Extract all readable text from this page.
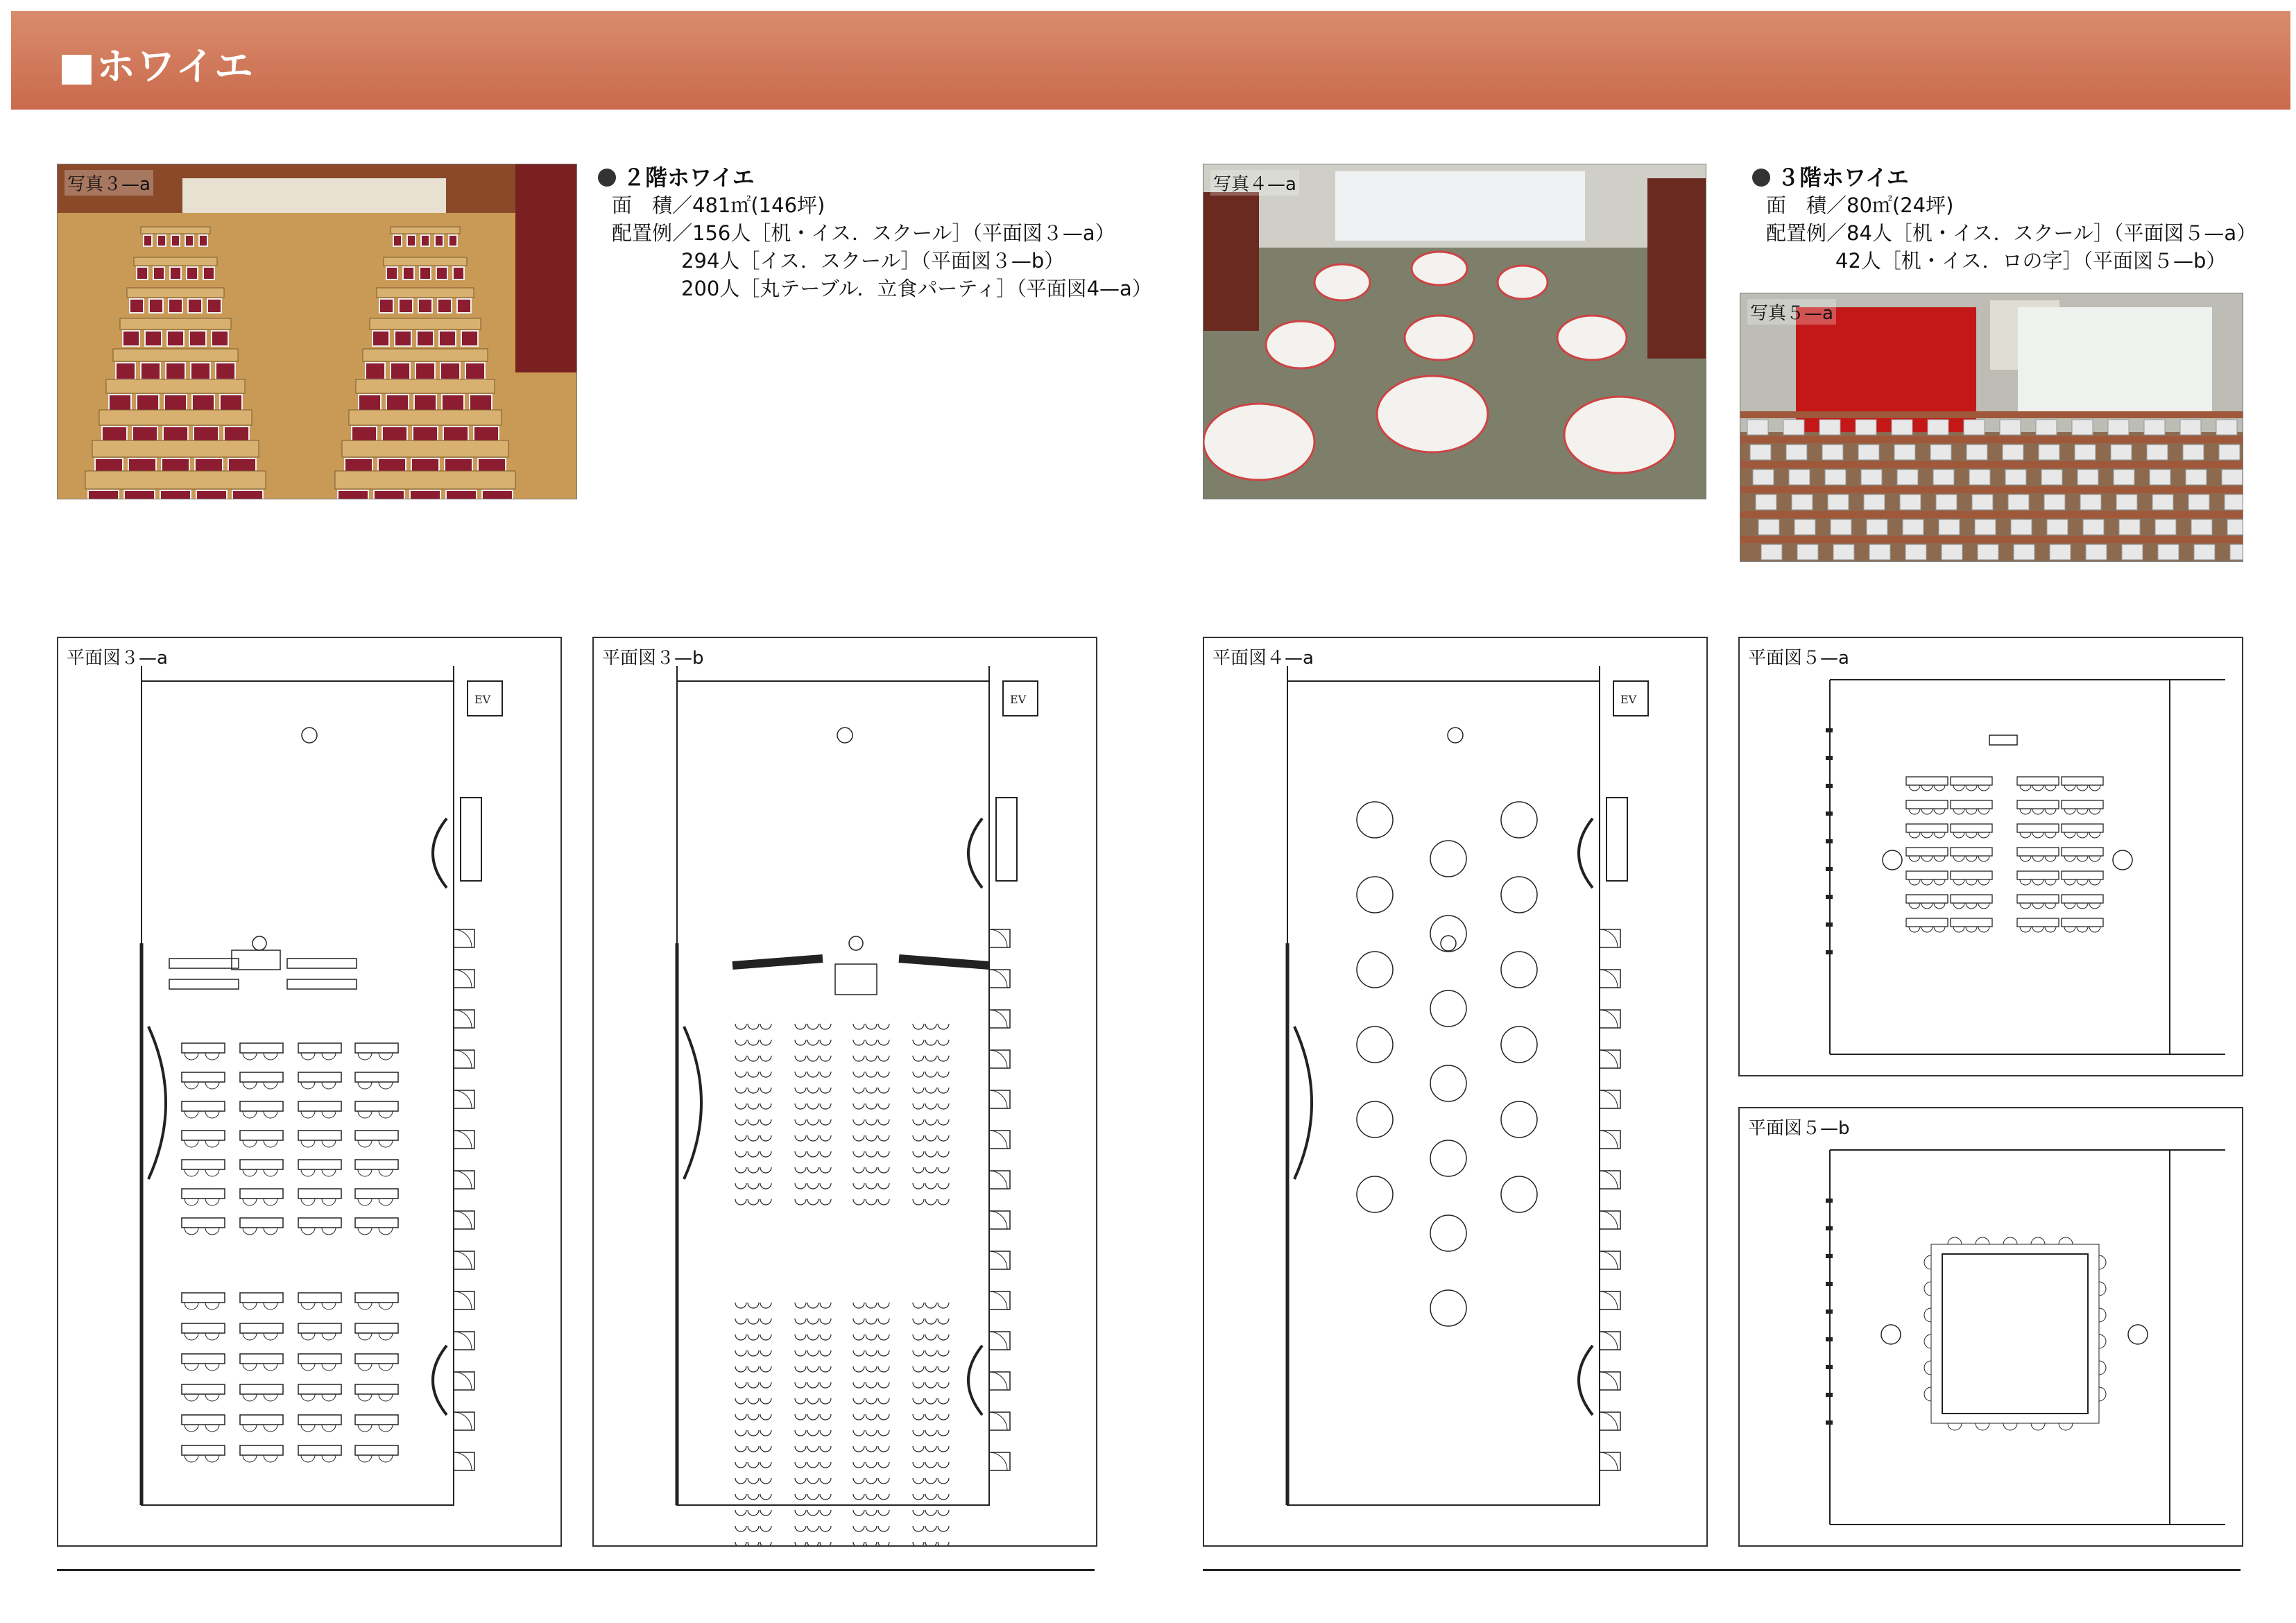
■ホワイエ
写真３—a	２階ホワイエ
面　積／481㎡(146坪)
配置例／156人［机・イス．スクール］（平面図３—a）
294人［イス．スクール］（平面図３—b）
200人［丸テーブル．立食パーティ］（平面図4—a）
写真４—a	３階ホワイエ
面　積／80㎡(24坪)
配置例／84人［机・イス．スクール］（平面図５—a）
42人［机・イス．ロの字］（平面図５—b）
写真５—a
平面図３—a
EV
平面図３—b
EV
平面図４—a
EV
平面図５—a
平面図５—b
